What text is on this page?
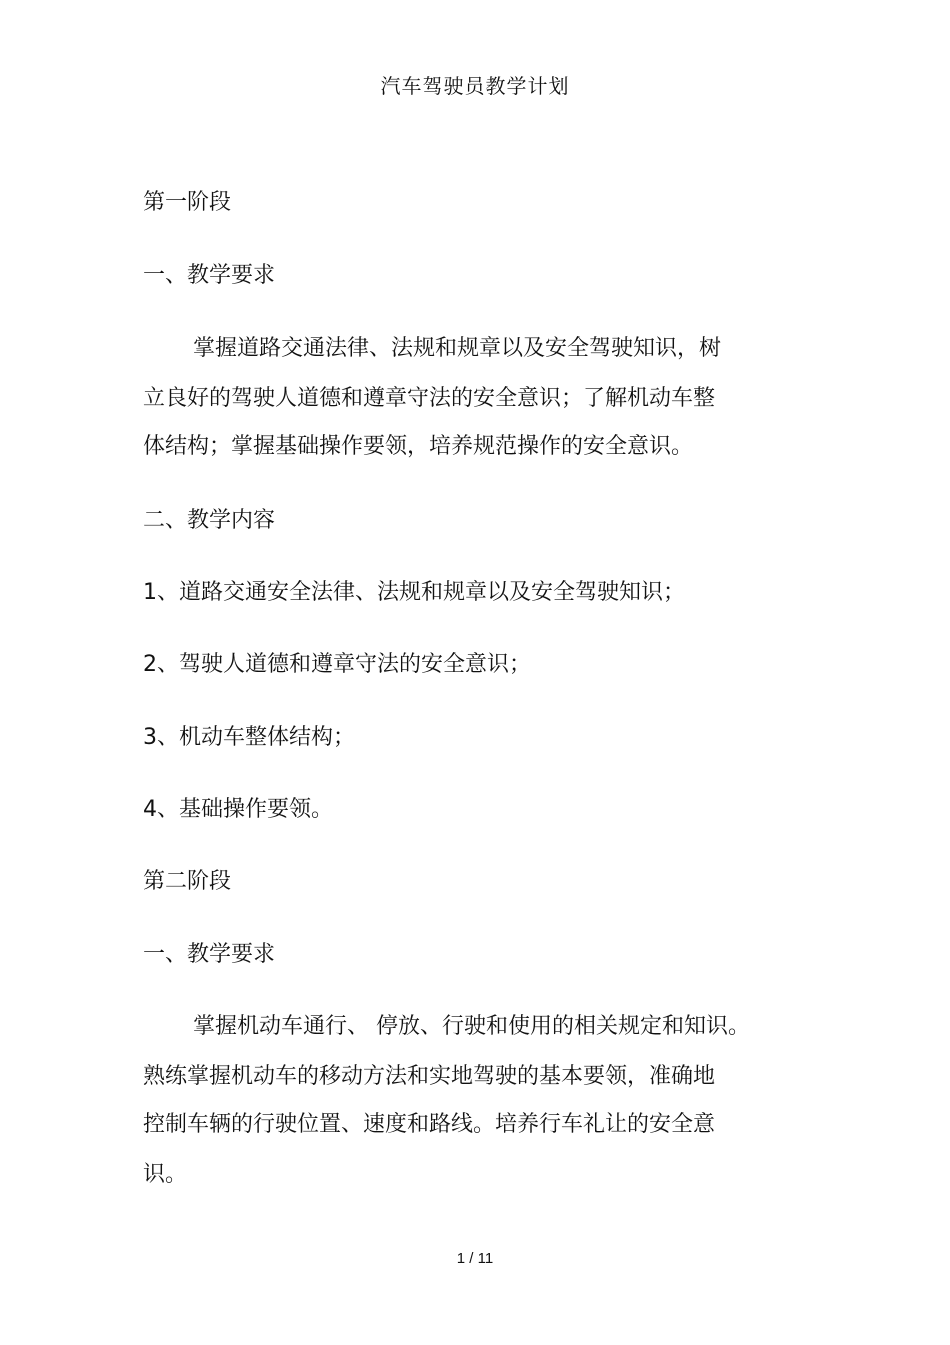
汽车驾驶员教学计划
第一阶段
一、教学要求
掌握道路交通法律、法规和规章以及安全驾驶知识，树
立良好的驾驶人道德和遵章守法的安全意识；了解机动车整
体结构；掌握基础操作要领，培养规范操作的安全意识。
二、教学内容
1、道路交通安全法律、法规和规章以及安全驾驶知识；
2、驾驶人道德和遵章守法的安全意识；
3、机动车整体结构；
4、基础操作要领。
第二阶段
一、教学要求
掌握机动车通行、 停放、行驶和使用的相关规定和知识。
熟练掌握机动车的移动方法和实地驾驶的基本要领，准确地
控制车辆的行驶位置、速度和路线。培养行车礼让的安全意
识。
1 / 11
